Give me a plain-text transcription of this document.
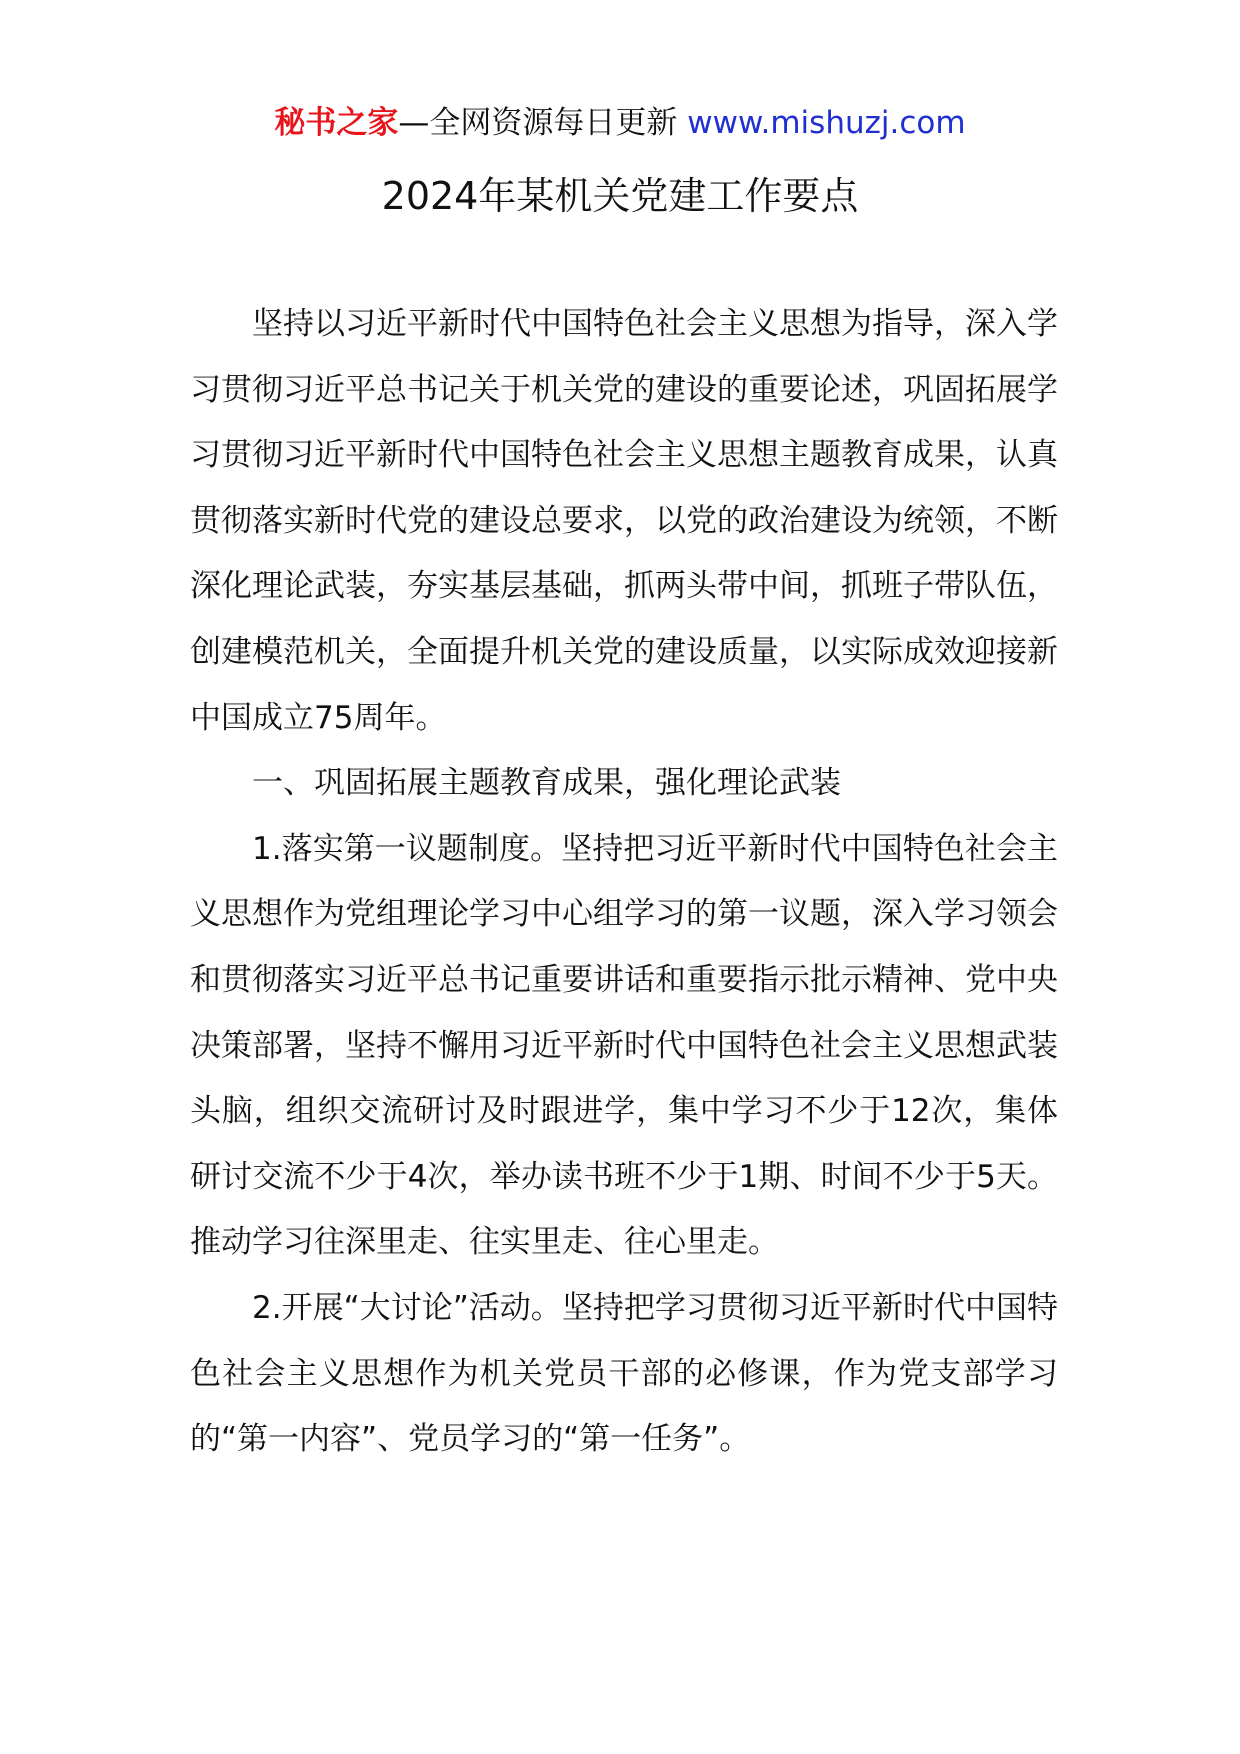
秘书之家—全网资源每日更新 www.mishuzj.com
2024年某机关党建工作要点

坚持以习近平新时代中国特色社会主义思想为指导，深入学习贯彻习近平总书记关于机关党的建设的重要论述，巩固拓展学习贯彻习近平新时代中国特色社会主义思想主题教育成果，认真贯彻落实新时代党的建设总要求，以党的政治建设为统领，不断深化理论武装，夯实基层基础，抓两头带中间，抓班子带队伍，创建模范机关，全面提升机关党的建设质量，以实际成效迎接新中国成立75周年。

一、巩固拓展主题教育成果，强化理论武装

1.落实第一议题制度。坚持把习近平新时代中国特色社会主义思想作为党组理论学习中心组学习的第一议题，深入学习领会和贯彻落实习近平总书记重要讲话和重要指示批示精神、党中央决策部署，坚持不懈用习近平新时代中国特色社会主义思想武装头脑，组织交流研讨及时跟进学，集中学习不少于12次，集体研讨交流不少于4次，举办读书班不少于1期、时间不少于5天。推动学习往深里走、往实里走、往心里走。

2.开展“大讨论”活动。坚持把学习贯彻习近平新时代中国特色社会主义思想作为机关党员干部的必修课，作为党支部学习的“第一内容”、党员学习的“第一任务”。
